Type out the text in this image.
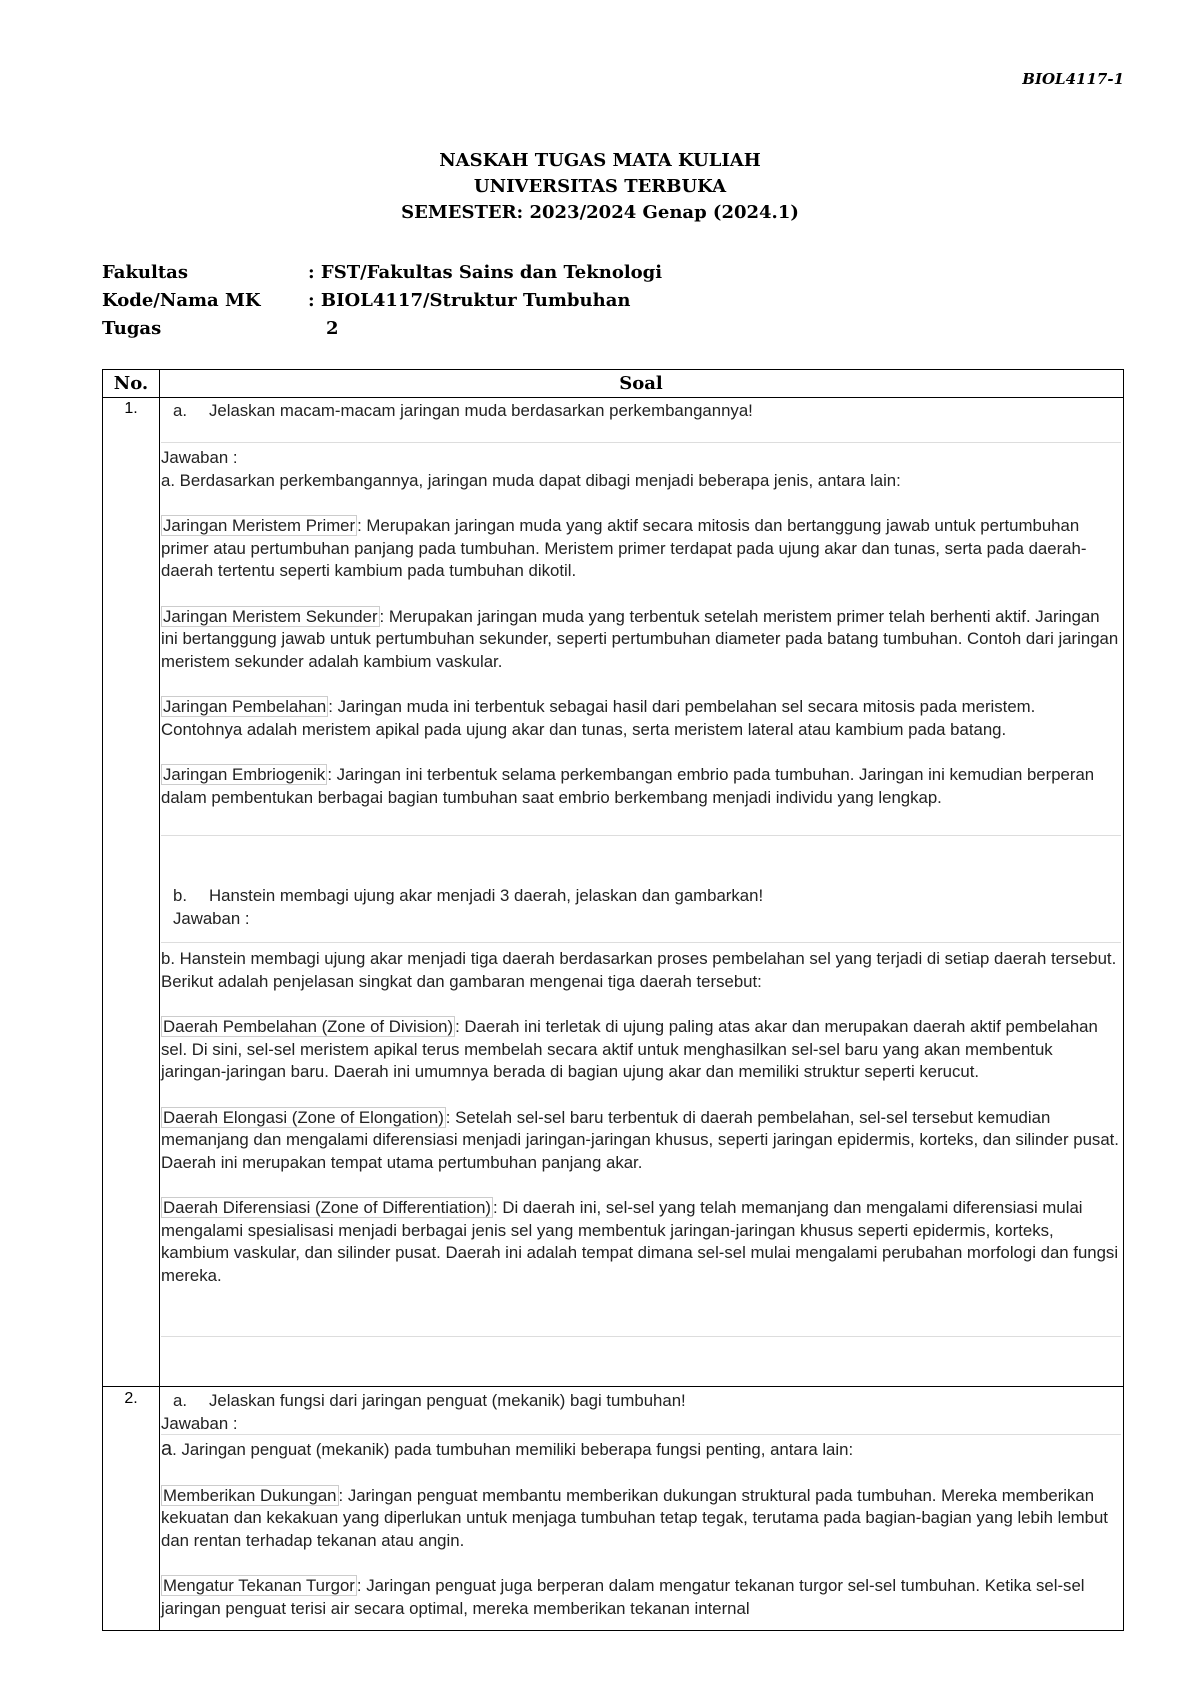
BIOL4117-1
NASKAH TUGAS MATA KULIAH
UNIVERSITAS TERBUKA
SEMESTER: 2023/2024 Genap (2024.1)
Fakultas	: FST/Fakultas Sains dan Teknologi
Kode/Nama MK	: BIOL4117/Struktur Tumbuhan
Tugas	2
No.	Soal
1.	a. Jelaskan macam-macam jaringan muda berdasarkan perkembangannya!
Jawaban :

a. Berdasarkan perkembangannya, jaringan muda dapat dibagi menjadi beberapa jenis, antara lain:

Jaringan Meristem Primer : Merupakan jaringan muda yang aktif secara mitosis dan bertanggung jawab untuk pertumbuhan primer atau pertumbuhan panjang pada tumbuhan. Meristem primer terdapat pada ujung akar dan tunas, serta pada daerah-daerah tertentu seperti kambium pada tumbuhan dikotil.

Jaringan Meristem Sekunder : Merupakan jaringan muda yang terbentuk setelah meristem primer telah berhenti aktif. Jaringan ini bertanggung jawab untuk pertumbuhan sekunder, seperti pertumbuhan diameter pada batang tumbuhan. Contoh dari jaringan meristem sekunder adalah kambium vaskular.

Jaringan Pembelahan : Jaringan muda ini terbentuk sebagai hasil dari pembelahan sel secara mitosis pada meristem. Contohnya adalah meristem apikal pada ujung akar dan tunas, serta meristem lateral atau kambium pada batang.

Jaringan Embriogenik : Jaringan ini terbentuk selama perkembangan embrio pada tumbuhan. Jaringan ini kemudian berperan dalam pembentukan berbagai bagian tumbuhan saat embrio berkembang menjadi individu yang lengkap.

b. Hanstein membagi ujung akar menjadi 3 daerah, jelaskan dan gambarkan!
Jawaban :

b. Hanstein membagi ujung akar menjadi tiga daerah berdasarkan proses pembelahan sel yang terjadi di setiap daerah tersebut. Berikut adalah penjelasan singkat dan gambaran mengenai tiga daerah tersebut:

Daerah Pembelahan (Zone of Division) : Daerah ini terletak di ujung paling atas akar dan merupakan daerah aktif pembelahan sel. Di sini, sel-sel meristem apikal terus membelah secara aktif untuk menghasilkan sel-sel baru yang akan membentuk jaringan-jaringan baru. Daerah ini umumnya berada di bagian ujung akar dan memiliki struktur seperti kerucut.

Daerah Elongasi (Zone of Elongation) : Setelah sel-sel baru terbentuk di daerah pembelahan, sel-sel tersebut kemudian memanjang dan mengalami diferensiasi menjadi jaringan-jaringan khusus, seperti jaringan epidermis, korteks, dan silinder pusat. Daerah ini merupakan tempat utama pertumbuhan panjang akar.

Daerah Diferensiasi (Zone of Differentiation) : Di daerah ini, sel-sel yang telah memanjang dan mengalami diferensiasi mulai mengalami spesialisasi menjadi berbagai jenis sel yang membentuk jaringan-jaringan khusus seperti epidermis, korteks, kambium vaskular, dan silinder pusat. Daerah ini adalah tempat dimana sel-sel mulai mengalami perubahan morfologi dan fungsi mereka.

2.	a. Jelaskan fungsi dari jaringan penguat (mekanik) bagi tumbuhan!
Jawaban :

a. Jaringan penguat (mekanik) pada tumbuhan memiliki beberapa fungsi penting, antara lain:

Memberikan Dukungan : Jaringan penguat membantu memberikan dukungan struktural pada tumbuhan. Mereka memberikan kekuatan dan kekakuan yang diperlukan untuk menjaga tumbuhan tetap tegak, terutama pada bagian-bagian yang lebih lembut dan rentan terhadap tekanan atau angin.

Mengatur Tekanan Turgor : Jaringan penguat juga berperan dalam mengatur tekanan turgor sel-sel tumbuhan. Ketika sel-sel jaringan penguat terisi air secara optimal, mereka memberikan tekanan internal
